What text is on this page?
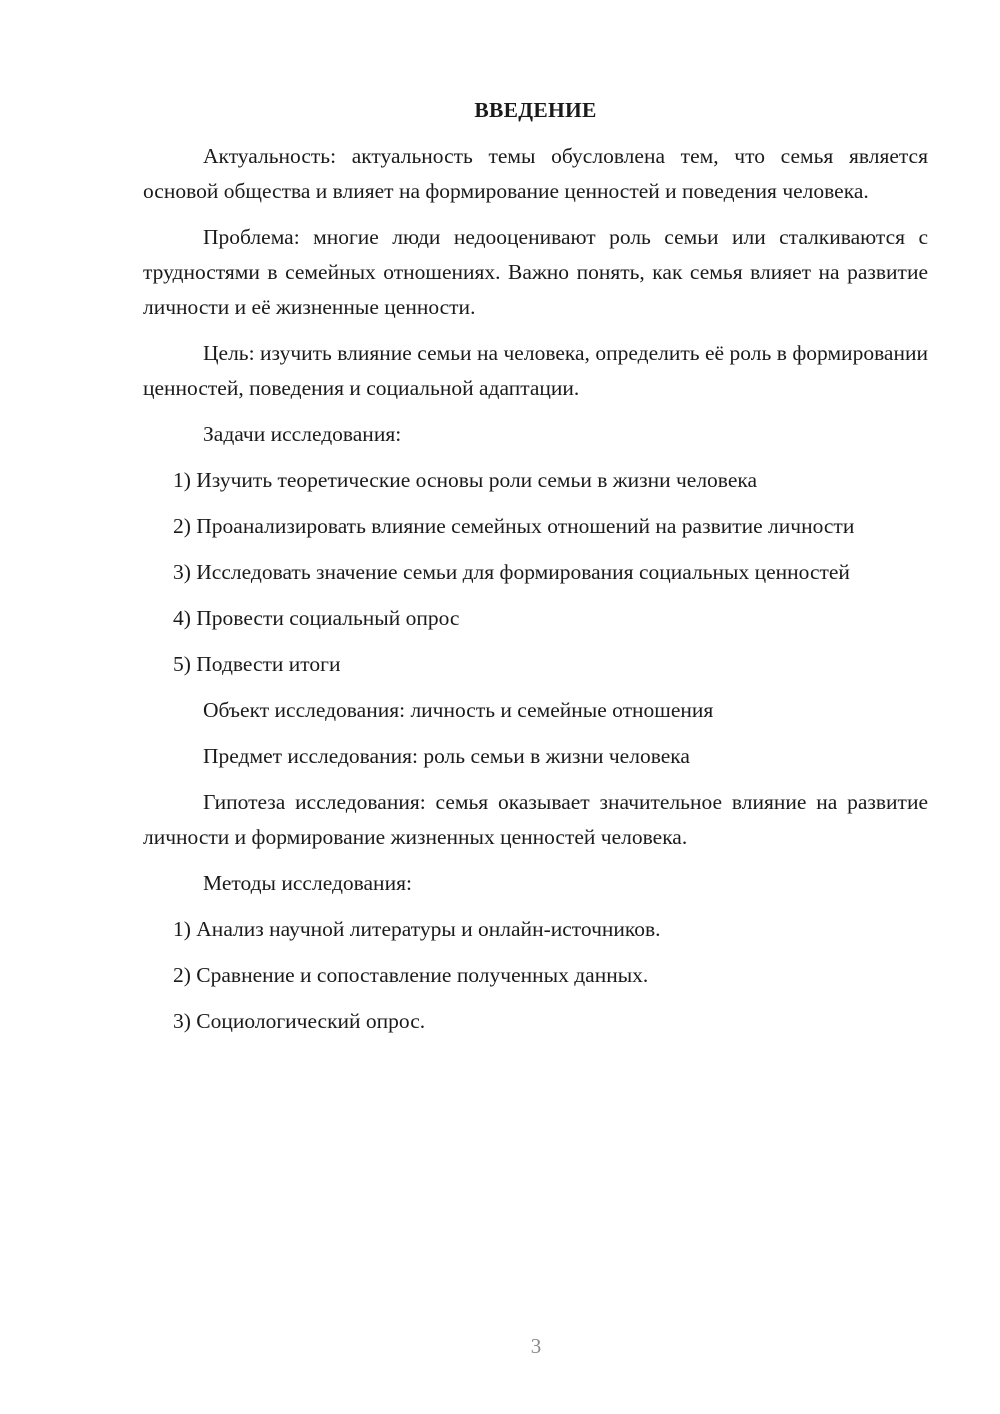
ВВЕДЕНИЕ

Актуальность: актуальность темы обусловлена тем, что семья является основой общества и влияет на формирование ценностей и поведения человека.

Проблема: многие люди недооценивают роль семьи или сталкиваются с трудностями в семейных отношениях. Важно понять, как семья влияет на развитие личности и её жизненные ценности.

Цель: изучить влияние семьи на человека, определить её роль в формировании ценностей, поведения и социальной адаптации.

Задачи исследования:

1) Изучить теоретические основы роли семьи в жизни человека

2) Проанализировать влияние семейных отношений на развитие личности

3) Исследовать значение семьи для формирования социальных ценностей

4) Провести социальный опрос

5) Подвести итоги

Объект исследования: личность и семейные отношения

Предмет исследования: роль семьи в жизни человека

Гипотеза исследования: семья оказывает значительное влияние на развитие личности и формирование жизненных ценностей человека.

Методы исследования:

1) Анализ научной литературы и онлайн-источников.

2) Сравнение и сопоставление полученных данных.

3) Социологический опрос.

3
